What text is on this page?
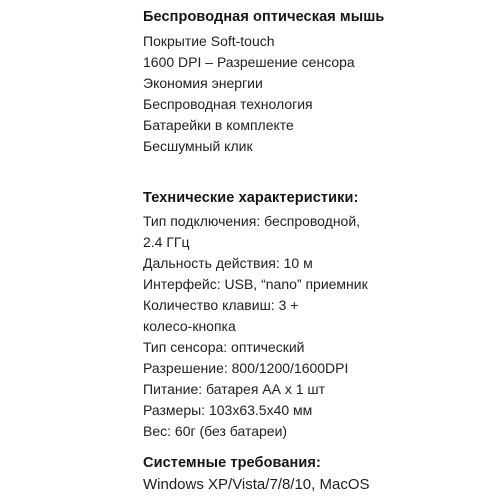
Беспроводная оптическая мышь
Покрытие Soft-touch
1600 DPI – Разрешение сенсора
Экономия энергии
Беспроводная технология
Батарейки в комплекте
Бесшумный клик
Технические характеристики:
Тип подключения: беспроводной,
2.4 ГГц
Дальность действия: 10 м
Интерфейс: USB, “nano” приемник
Количество клавиш: 3 +
колесо-кнопка
Тип сенсора: оптический
Разрешение: 800/1200/1600DPI
Питание: батарея АА х 1 шт
Размеры: 103х63.5х40 мм
Вес: 60г (без батареи)
Системные требования:
Windows XP/Vista/7/8/10, MacOS
